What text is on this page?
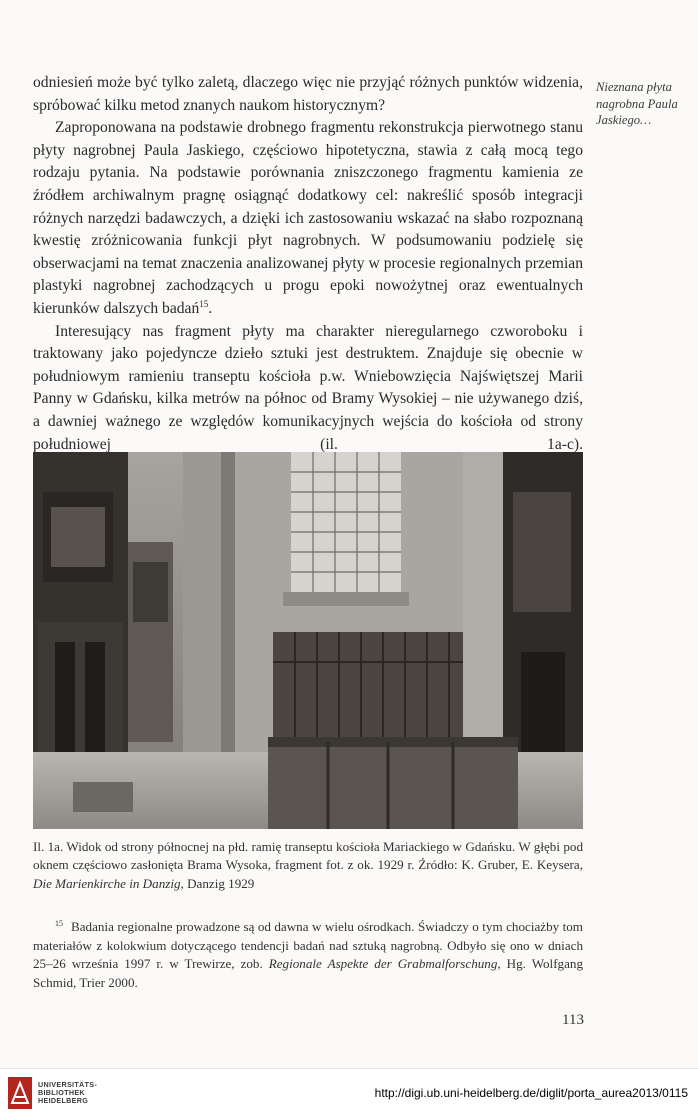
odniesień może być tylko zaletą, dlaczego więc nie przyjąć różnych punktów widzenia, spróbować kilku metod znanych naukom historycznym?

Zaproponowana na podstawie drobnego fragmentu rekonstrukcja pierwotnego stanu płyty nagrobnej Paula Jaskiego, częściowo hipotetyczna, stawia z całą mocą tego rodzaju pytania. Na podstawie porównania zniszczonego fragmentu kamienia ze źródłem archiwalnym pragnę osiągnąć dodatkowy cel: nakreślić sposób integracji różnych narzędzi badawczych, a dzięki ich zastosowaniu wskazać na słabo rozpoznaną kwestię zróżnicowania funkcji płyt nagrobnych. W podsumowaniu podzielę się obserwacjami na temat znaczenia analizowanej płyty w procesie regionalnych przemian plastyki nagrobnej zachodzących u progu epoki nowożytnej oraz ewentualnych kierunków dalszych badań$^{15}$.

Interesujący nas fragment płyty ma charakter nieregularnego czworoboku i traktowany jako pojedyncze dzieło sztuki jest destruktem. Znajduje się obecnie w południowym ramieniu transeptu kościoła p.w. Wniebowzięcia Najświętszej Marii Panny w Gdańsku, kilka metrów na północ od Bramy Wysokiej – nie używanego dziś, a dawniej ważnego ze względów komunikacyjnych wejścia do kościoła od strony południowej (il. 1a-c).

Nieznana płyta
nagrobna Paula
Jaskiego…
Il. 1a. Widok od strony północnej na płd. ramię transeptu kościoła Mariackiego w Gdańsku. W głębi pod oknem częściowo zasłonięta Brama Wysoka, fragment fot. z ok. 1929 r. Źródło: K. Gruber, E. Keysera, Die Marienkirche in Danzig, Danzig 1929
$^{15}$ Badania regionalne prowadzone są od dawna w wielu ośrodkach. Świadczy o tym chociażby tom materiałów z kolokwium dotyczącego tendencji badań nad sztuką nagrobną. Odbyło się ono w dniach 25–26 września 1997 r. w Trewirze, zob. Regionale Aspekte der Grabmalforschung, Hg. Wolfgang Schmid, Trier 2000.
113
UNIVERSITÄTS-
BIBLIOTHEK
HEIDELBERG
http://digi.ub.uni-heidelberg.de/diglit/porta_aurea2013/0115
